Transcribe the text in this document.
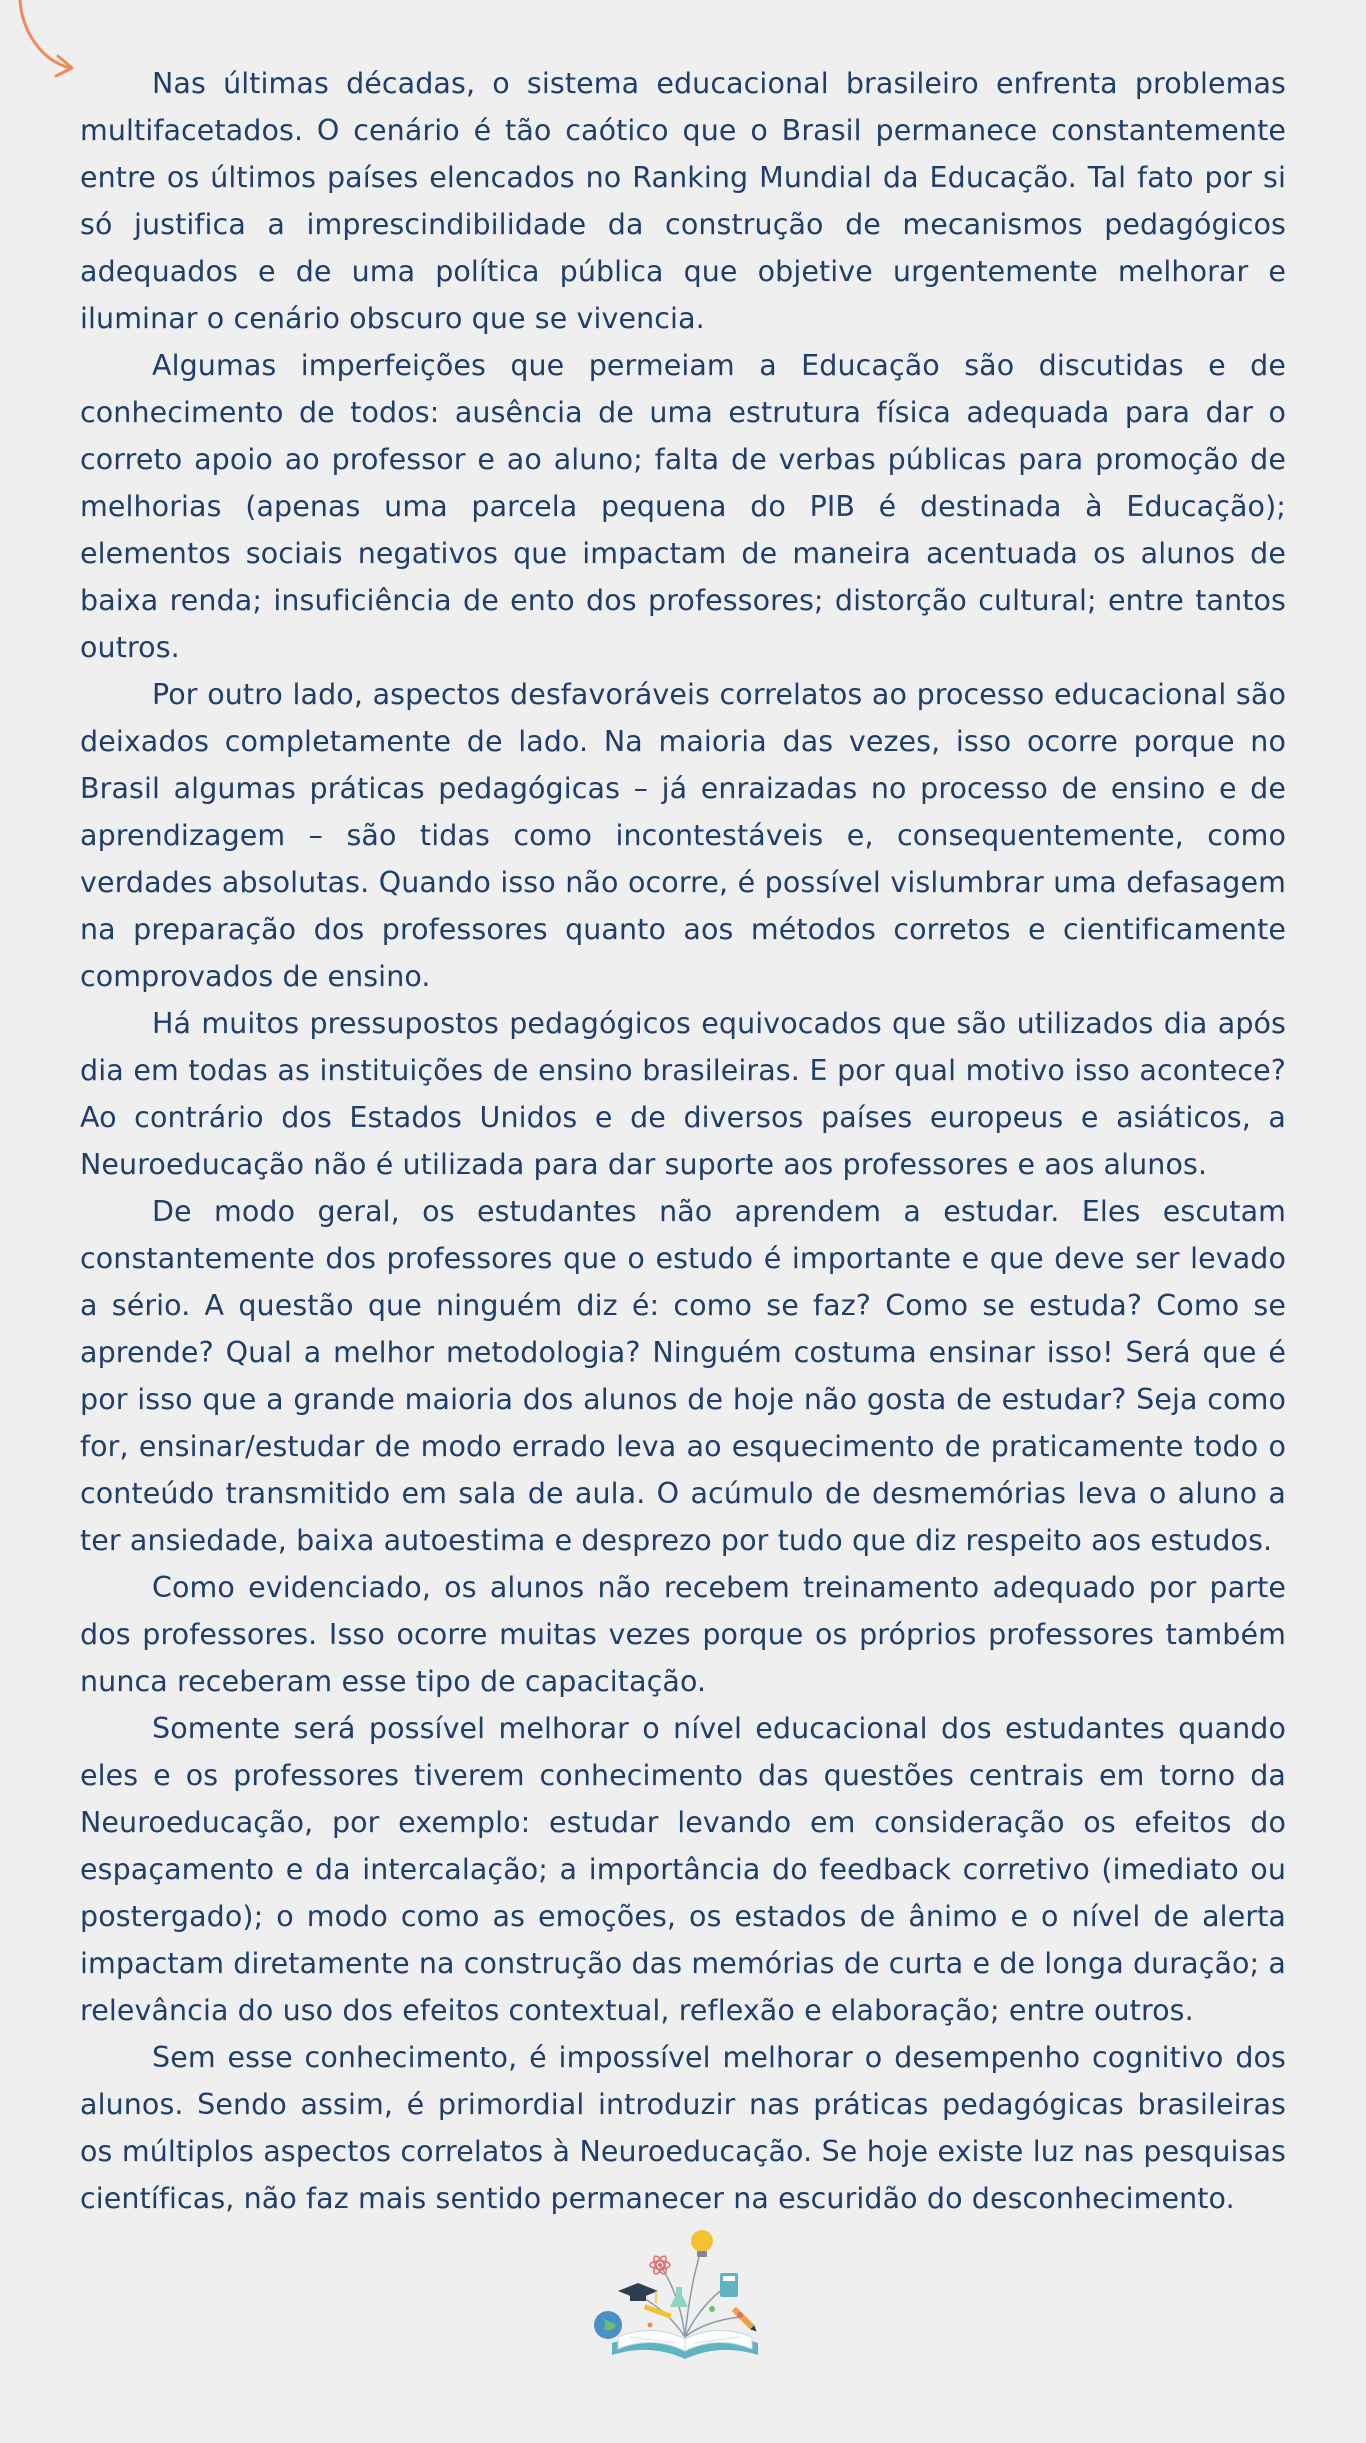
Nas últimas décadas, o sistema educacional brasileiro enfrenta problemas multifacetados. O cenário é tão caótico que o Brasil permanece constantemente entre os últimos países elencados no Ranking Mundial da Educação. Tal fato por si só justifica a imprescindibilidade da construção de mecanismos pedagógicos adequados e de uma política pública que objetive urgentemente melhorar e iluminar o cenário obscuro que se vivencia.

Algumas imperfeições que permeiam a Educação são discutidas e de conhecimento de todos: ausência de uma estrutura física adequada para dar o correto apoio ao professor e ao aluno; falta de verbas públicas para promoção de melhorias (apenas uma parcela pequena do PIB é destinada à Educação); elementos sociais negativos que impactam de maneira acentuada os alunos de baixa renda; insuficiência de ento dos professores; distorção cultural; entre tantos outros.

Por outro lado, aspectos desfavoráveis correlatos ao processo educacional são deixados completamente de lado. Na maioria das vezes, isso ocorre porque no Brasil algumas práticas pedagógicas – já enraizadas no processo de ensino e de aprendizagem – são tidas como incontestáveis e, consequentemente, como verdades absolutas. Quando isso não ocorre, é possível vislumbrar uma defasagem na preparação dos professores quanto aos métodos corretos e cientificamente comprovados de ensino.

Há muitos pressupostos pedagógicos equivocados que são utilizados dia após dia em todas as instituições de ensino brasileiras. E por qual motivo isso acontece? Ao contrário dos Estados Unidos e de diversos países europeus e asiáticos, a Neuroeducação não é utilizada para dar suporte aos professores e aos alunos.

De modo geral, os estudantes não aprendem a estudar. Eles escutam constantemente dos professores que o estudo é importante e que deve ser levado a sério. A questão que ninguém diz é: como se faz? Como se estuda? Como se aprende? Qual a melhor metodologia? Ninguém costuma ensinar isso! Será que é por isso que a grande maioria dos alunos de hoje não gosta de estudar? Seja como for, ensinar/estudar de modo errado leva ao esquecimento de praticamente todo o conteúdo transmitido em sala de aula. O acúmulo de desmemórias leva o aluno a ter ansiedade, baixa autoestima e desprezo por tudo que diz respeito aos estudos.

Como evidenciado, os alunos não recebem treinamento adequado por parte dos professores. Isso ocorre muitas vezes porque os próprios professores também nunca receberam esse tipo de capacitação.

Somente será possível melhorar o nível educacional dos estudantes quando eles e os professores tiverem conhecimento das questões centrais em torno da Neuroeducação, por exemplo: estudar levando em consideração os efeitos do espaçamento e da intercalação; a importância do feedback corretivo (imediato ou postergado); o modo como as emoções, os estados de ânimo e o nível de alerta impactam diretamente na construção das memórias de curta e de longa duração; a relevância do uso dos efeitos contextual, reflexão e elaboração; entre outros.

Sem esse conhecimento, é impossível melhorar o desempenho cognitivo dos alunos. Sendo assim, é primordial introduzir nas práticas pedagógicas brasileiras os múltiplos aspectos correlatos à Neuroeducação. Se hoje existe luz nas pesquisas científicas, não faz mais sentido permanecer na escuridão do desconhecimento.
